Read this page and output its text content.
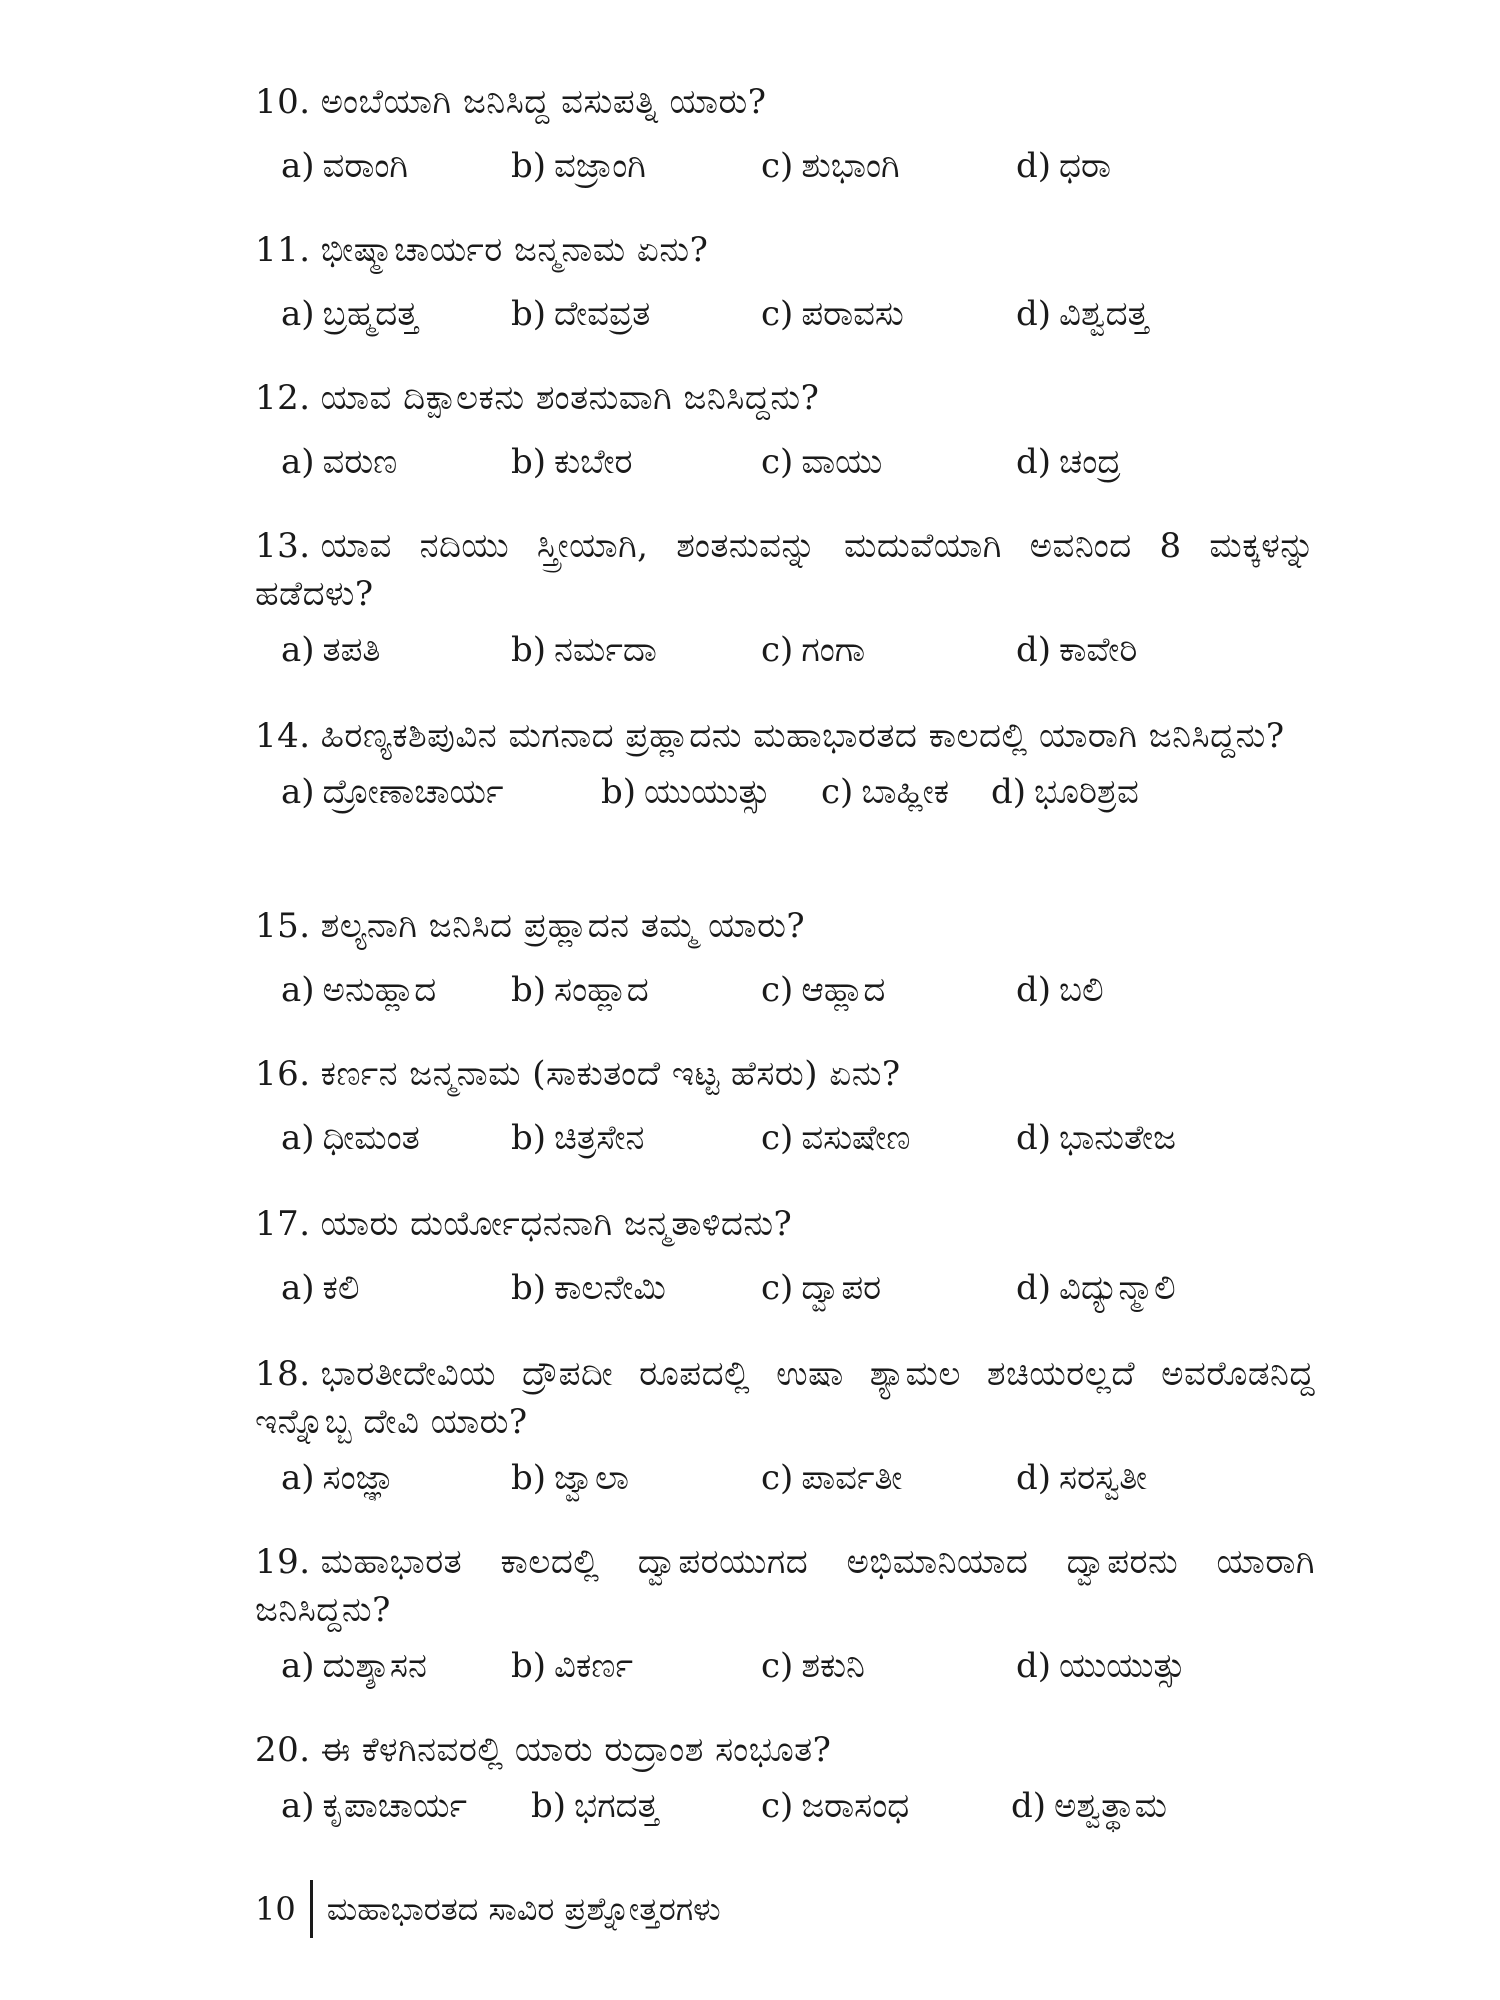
10. ಅಂಬೆಯಾಗಿ ಜನಿಸಿದ್ದ ವಸುಪತ್ನಿ ಯಾರು?

a) ವರಾಂಗಿ	b) ವಜ್ರಾಂಗಿ	c) ಶುಭಾಂಗಿ	d) ಧರಾ

11. ಭೀಷ್ಮಾಚಾರ್ಯರ ಜನ್ಮನಾಮ ಏನು?

a) ಬ್ರಹ್ಮದತ್ತ	b) ದೇವವ್ರತ	c) ಪರಾವಸು	d) ವಿಶ್ವದತ್ತ

12. ಯಾವ ದಿಕ್ಪಾಲಕನು ಶಂತನುವಾಗಿ ಜನಿಸಿದ್ದನು?

a) ವರುಣ	b) ಕುಬೇರ	c) ವಾಯು	d) ಚಂದ್ರ

13. ಯಾವ ನದಿಯು ಸ್ತ್ರೀಯಾಗಿ, ಶಂತನುವನ್ನು ಮದುವೆಯಾಗಿ ಅವನಿಂದ 8 ಮಕ್ಕಳನ್ನು ಹಡೆದಳು?

a) ತಪತಿ	b) ನರ್ಮದಾ	c) ಗಂಗಾ	d) ಕಾವೇರಿ

14. ಹಿರಣ್ಯಕಶಿಪುವಿನ ಮಗನಾದ ಪ್ರಹ್ಲಾದನು ಮಹಾಭಾರತದ ಕಾಲದಲ್ಲಿ ಯಾರಾಗಿ ಜನಿಸಿದ್ದನು?

a) ದ್ರೋಣಾಚಾರ್ಯ	b) ಯುಯುತ್ಸು	c) ಬಾಹ್ಲೀಕ	d) ಭೂರಿಶ್ರವ

15. ಶಲ್ಯನಾಗಿ ಜನಿಸಿದ ಪ್ರಹ್ಲಾದನ ತಮ್ಮ ಯಾರು?

a) ಅನುಹ್ಲಾದ	b) ಸಂಹ್ಲಾದ	c) ಆಹ್ಲಾದ	d) ಬಲಿ

16. ಕರ್ಣನ ಜನ್ಮನಾಮ (ಸಾಕುತಂದೆ ಇಟ್ಟ ಹೆಸರು) ಏನು?

a) ಧೀಮಂತ	b) ಚಿತ್ರಸೇನ	c) ವಸುಷೇಣ	d) ಭಾನುತೇಜ

17. ಯಾರು ದುರ್ಯೋಧನನಾಗಿ ಜನ್ಮತಾಳಿದನು?

a) ಕಲಿ	b) ಕಾಲನೇಮಿ	c) ದ್ವಾಪರ	d) ವಿದ್ಯುನ್ಮಾಲಿ

18. ಭಾರತೀದೇವಿಯ ದ್ರೌಪದೀ ರೂಪದಲ್ಲಿ ಉಷಾ ಶ್ಯಾಮಲ ಶಚಿಯರಲ್ಲದೆ ಅವರೊಡನಿದ್ದ ಇನ್ನೊಬ್ಬ ದೇವಿ ಯಾರು?

a) ಸಂಜ್ಞಾ	b) ಜ್ವಾಲಾ	c) ಪಾರ್ವತೀ	d) ಸರಸ್ವತೀ

19. ಮಹಾಭಾರತ ಕಾಲದಲ್ಲಿ ದ್ವಾಪರಯುಗದ ಅಭಿಮಾನಿಯಾದ ದ್ವಾಪರನು ಯಾರಾಗಿ ಜನಿಸಿದ್ದನು?

a) ದುಶ್ಶಾಸನ	b) ವಿಕರ್ಣ	c) ಶಕುನಿ	d) ಯುಯುತ್ಸು

20. ಈ ಕೆಳಗಿನವರಲ್ಲಿ ಯಾರು ರುದ್ರಾಂಶ ಸಂಭೂತ?

a) ಕೃಪಾಚಾರ್ಯ	b) ಭಗದತ್ತ	c) ಜರಾಸಂಧ	d) ಅಶ್ವತ್ಥಾಮ
10 ಮಹಾಭಾರತದ ಸಾವಿರ ಪ್ರಶ್ನೋತ್ತರಗಳು
